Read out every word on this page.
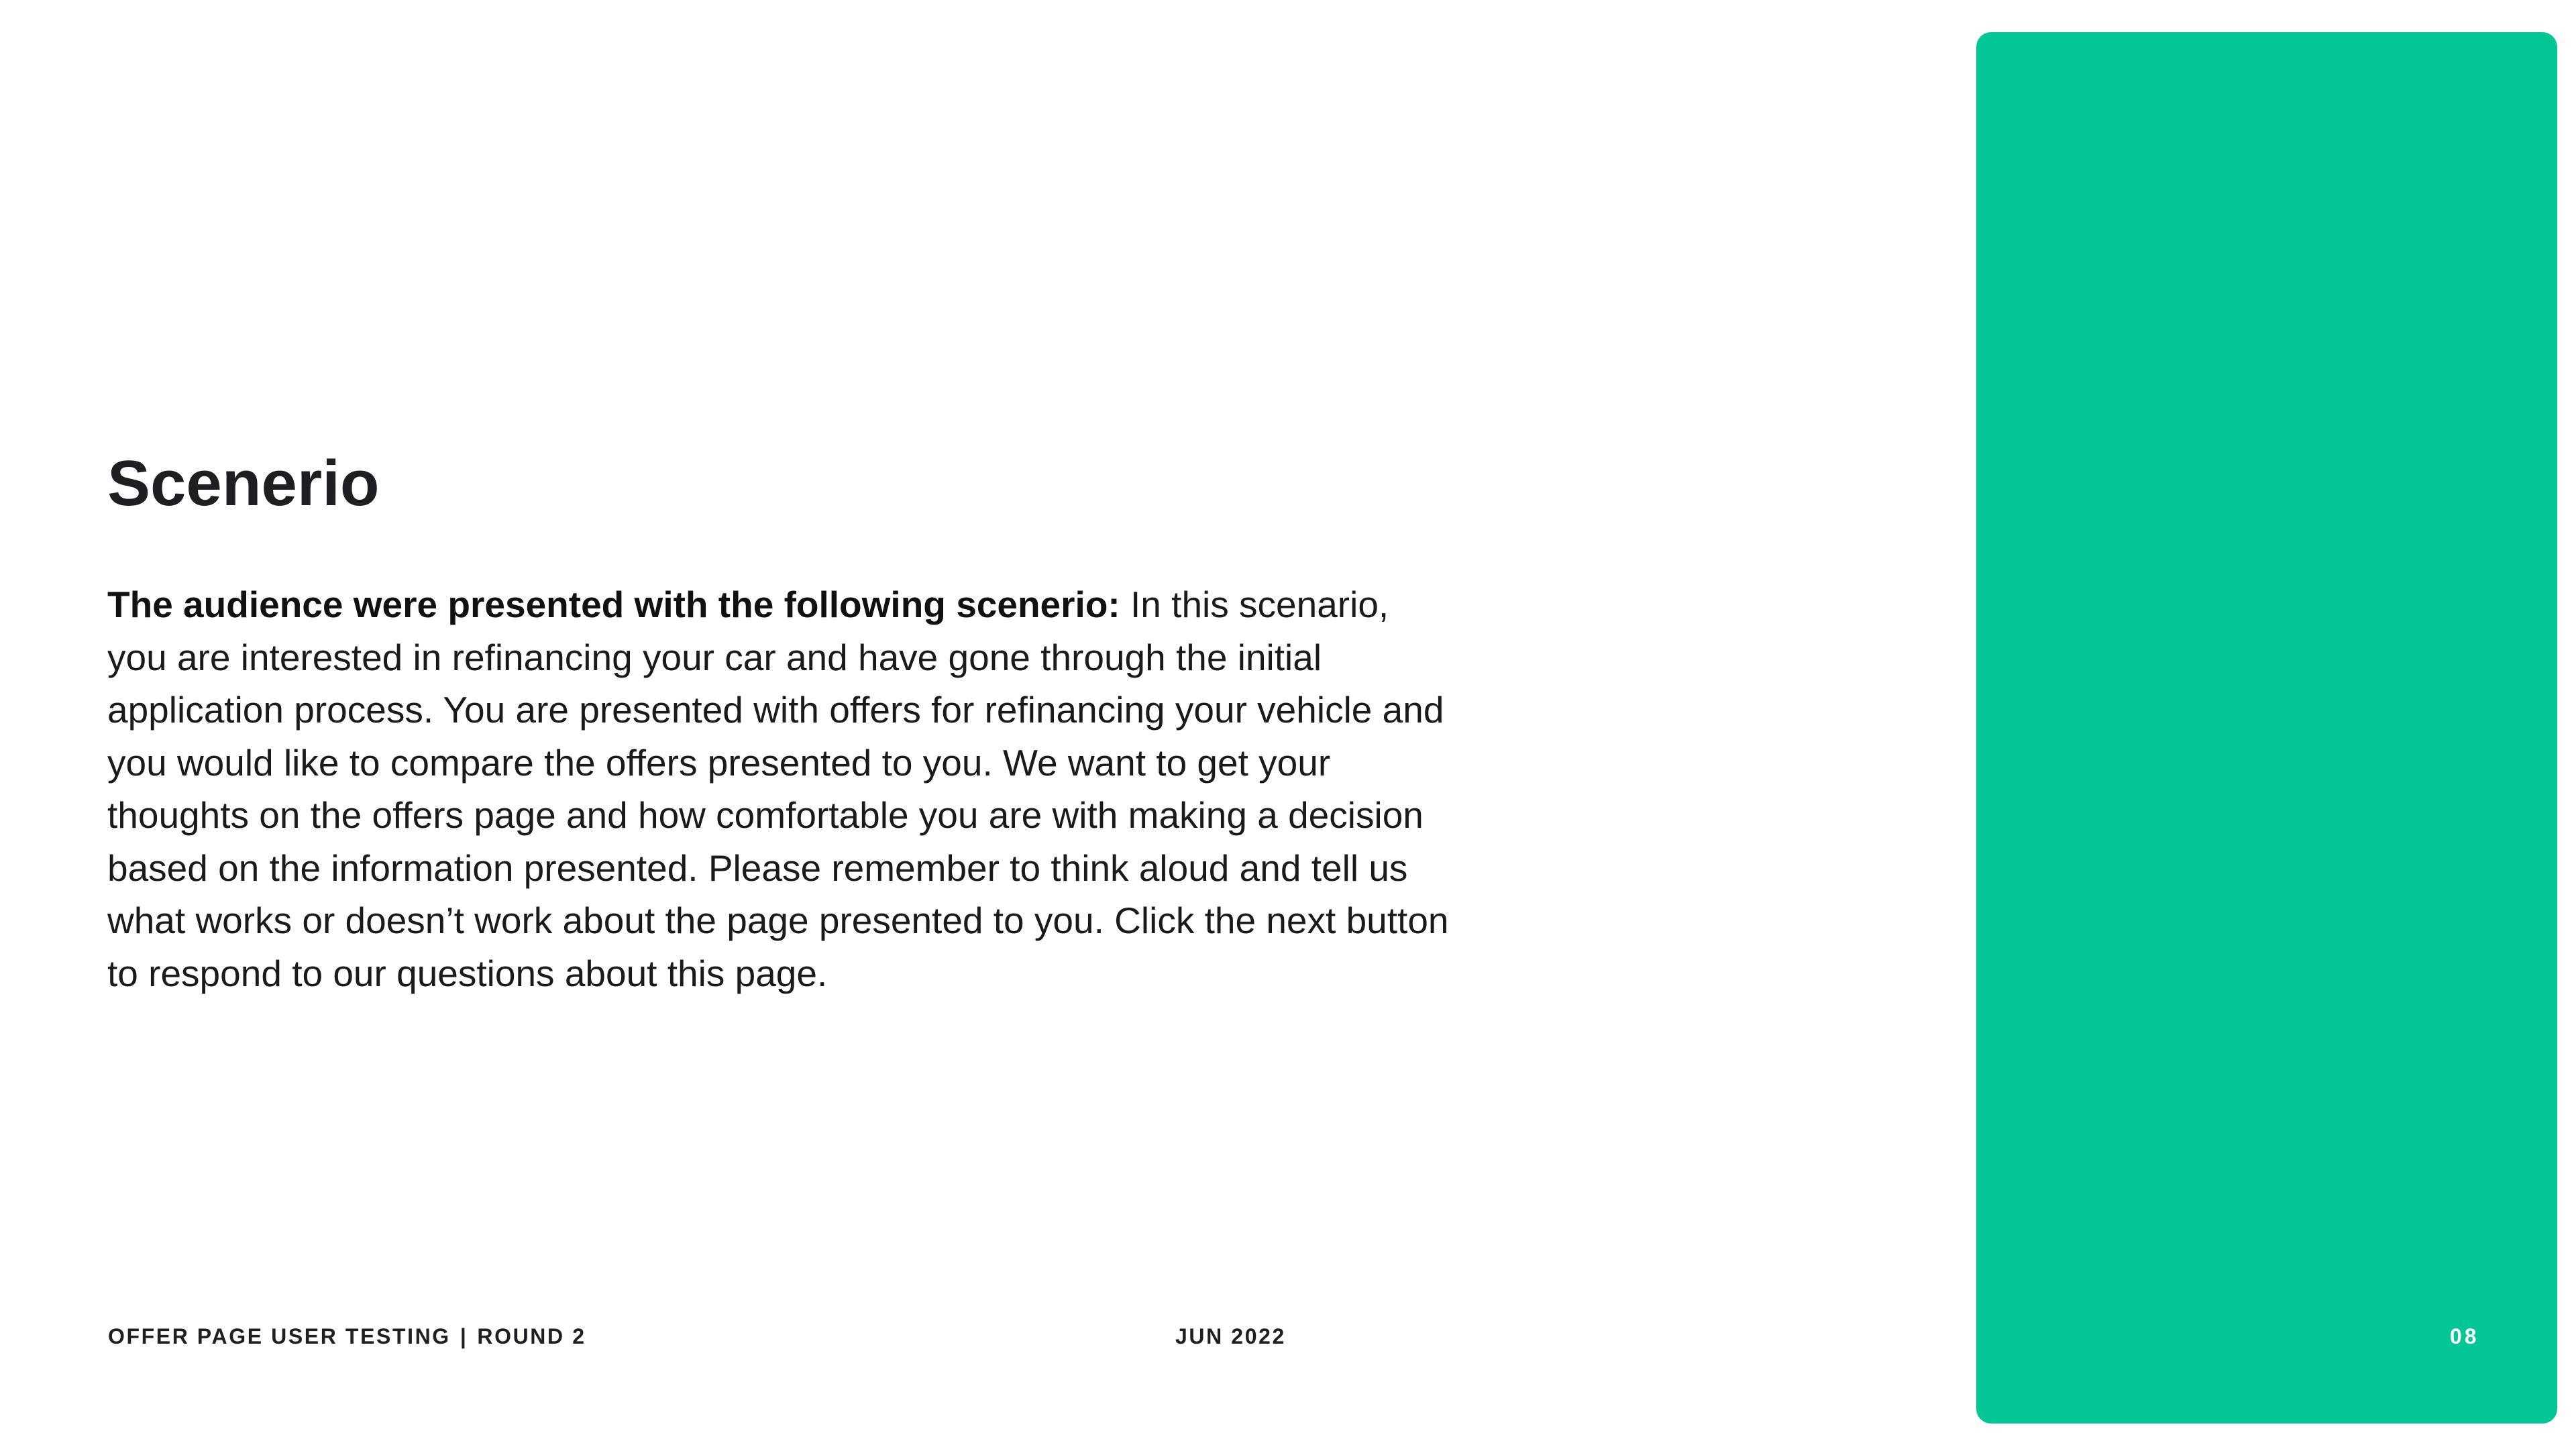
Scenerio

The audience were presented with the following scenerio: In this scenario, you are interested in refinancing your car and have gone through the initial application process. You are presented with offers for refinancing your vehicle and you would like to compare the offers presented to you. We want to get your thoughts on the offers page and how comfortable you are with making a decision based on the information presented. Please remember to think aloud and tell us what works or doesn’t work about the page presented to you. Click the next button to respond to our questions about this page.

OFFER PAGE USER TESTING | ROUND 2	JUN 2022	08
